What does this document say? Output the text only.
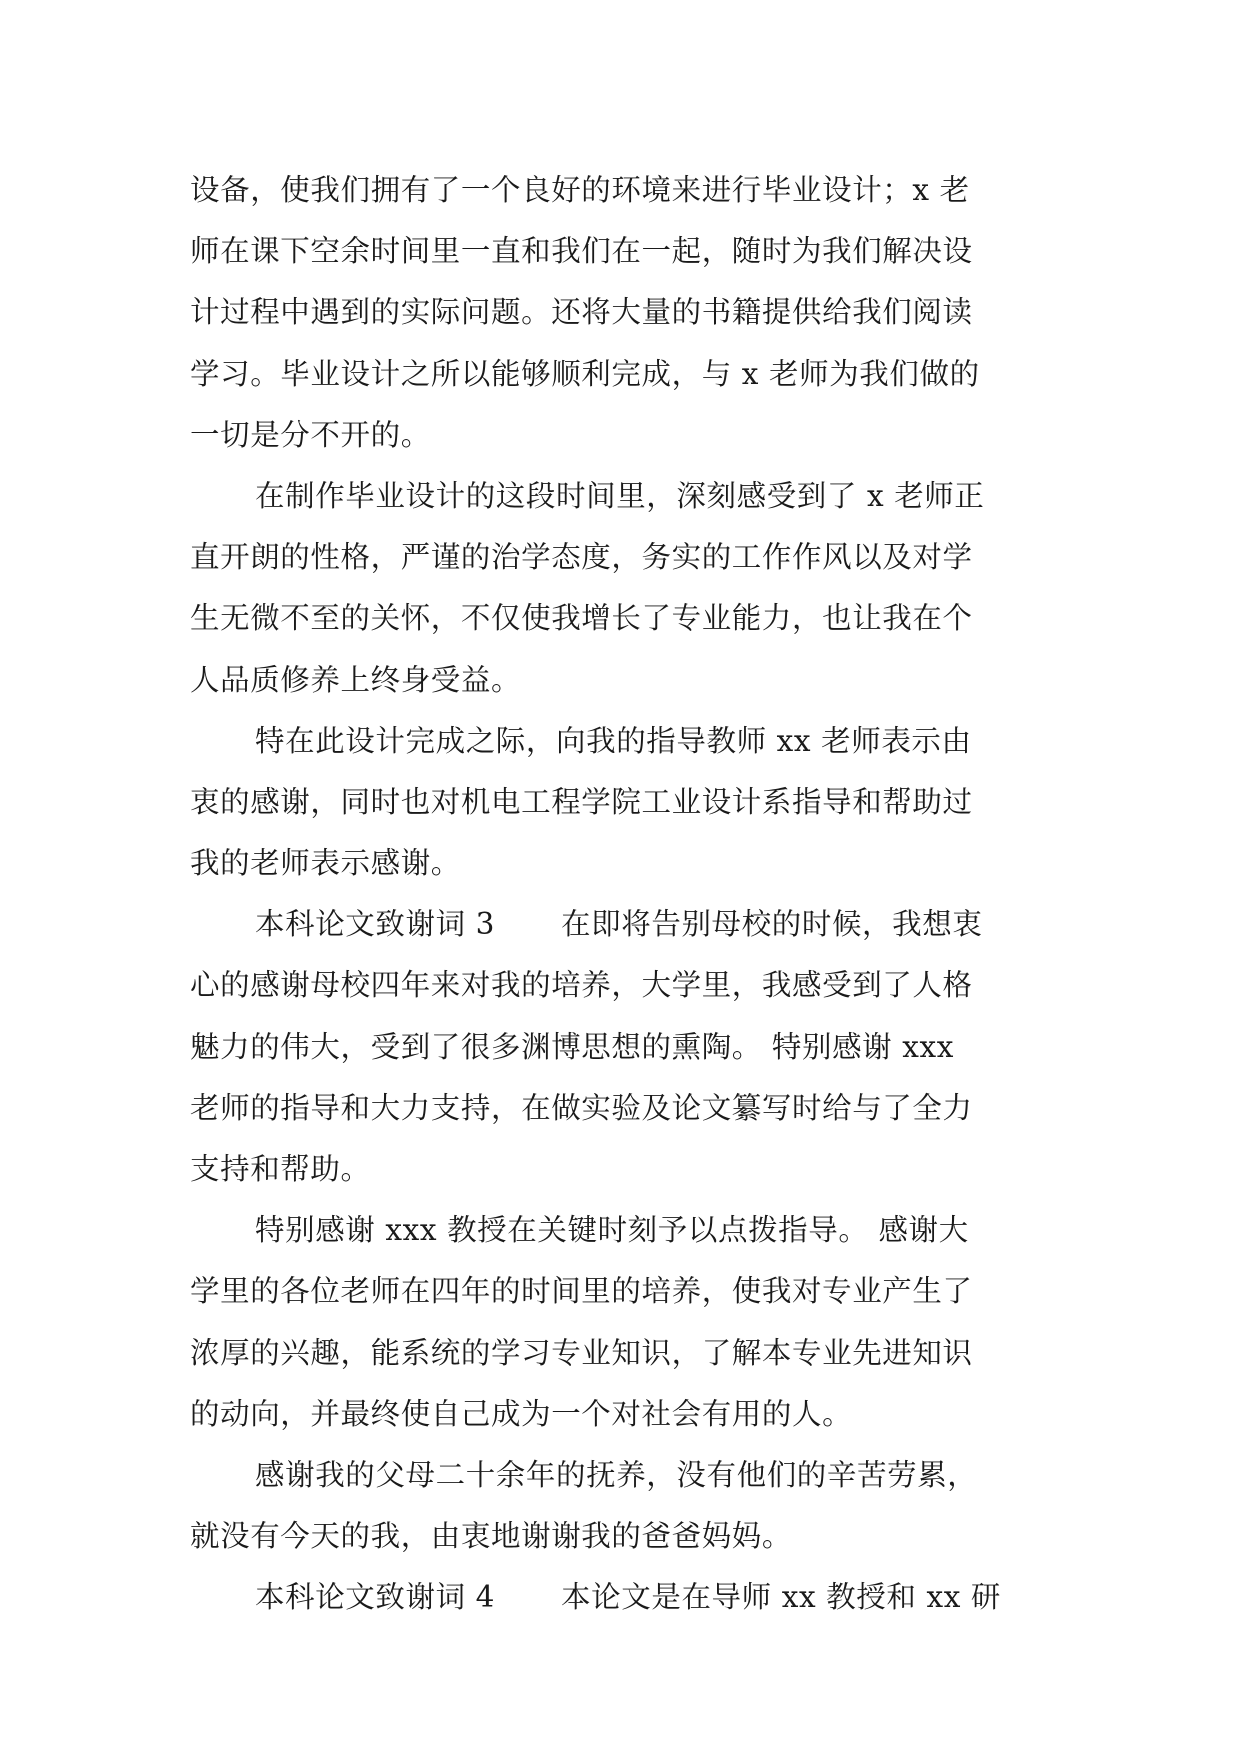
设备，使我们拥有了一个良好的环境来进行毕业设计；x 老
师在课下空余时间里一直和我们在一起，随时为我们解决设
计过程中遇到的实际问题。还将大量的书籍提供给我们阅读
学习。毕业设计之所以能够顺利完成，与 x 老师为我们做的
一切是分不开的。
在制作毕业设计的这段时间里，深刻感受到了 x 老师正
直开朗的性格，严谨的治学态度，务实的工作作风以及对学
生无微不至的关怀，不仅使我增长了专业能力，也让我在个
人品质修养上终身受益。
特在此设计完成之际，向我的指导教师 xx 老师表示由
衷的感谢，同时也对机电工程学院工业设计系指导和帮助过
我的老师表示感谢。
本科论文致谢词 3 在即将告别母校的时候，我想衷
心的感谢母校四年来对我的培养，大学里，我感受到了人格
魅力的伟大，受到了很多渊博思想的熏陶。 特别感谢 xxx
老师的指导和大力支持，在做实验及论文纂写时给与了全力
支持和帮助。
特别感谢 xxx 教授在关键时刻予以点拨指导。 感谢大
学里的各位老师在四年的时间里的培养，使我对专业产生了
浓厚的兴趣，能系统的学习专业知识，了解本专业先进知识
的动向，并最终使自己成为一个对社会有用的人。
感谢我的父母二十余年的抚养，没有他们的辛苦劳累，
就没有今天的我，由衷地谢谢我的爸爸妈妈。
本科论文致谢词 4 本论文是在导师 xx 教授和 xx 研
